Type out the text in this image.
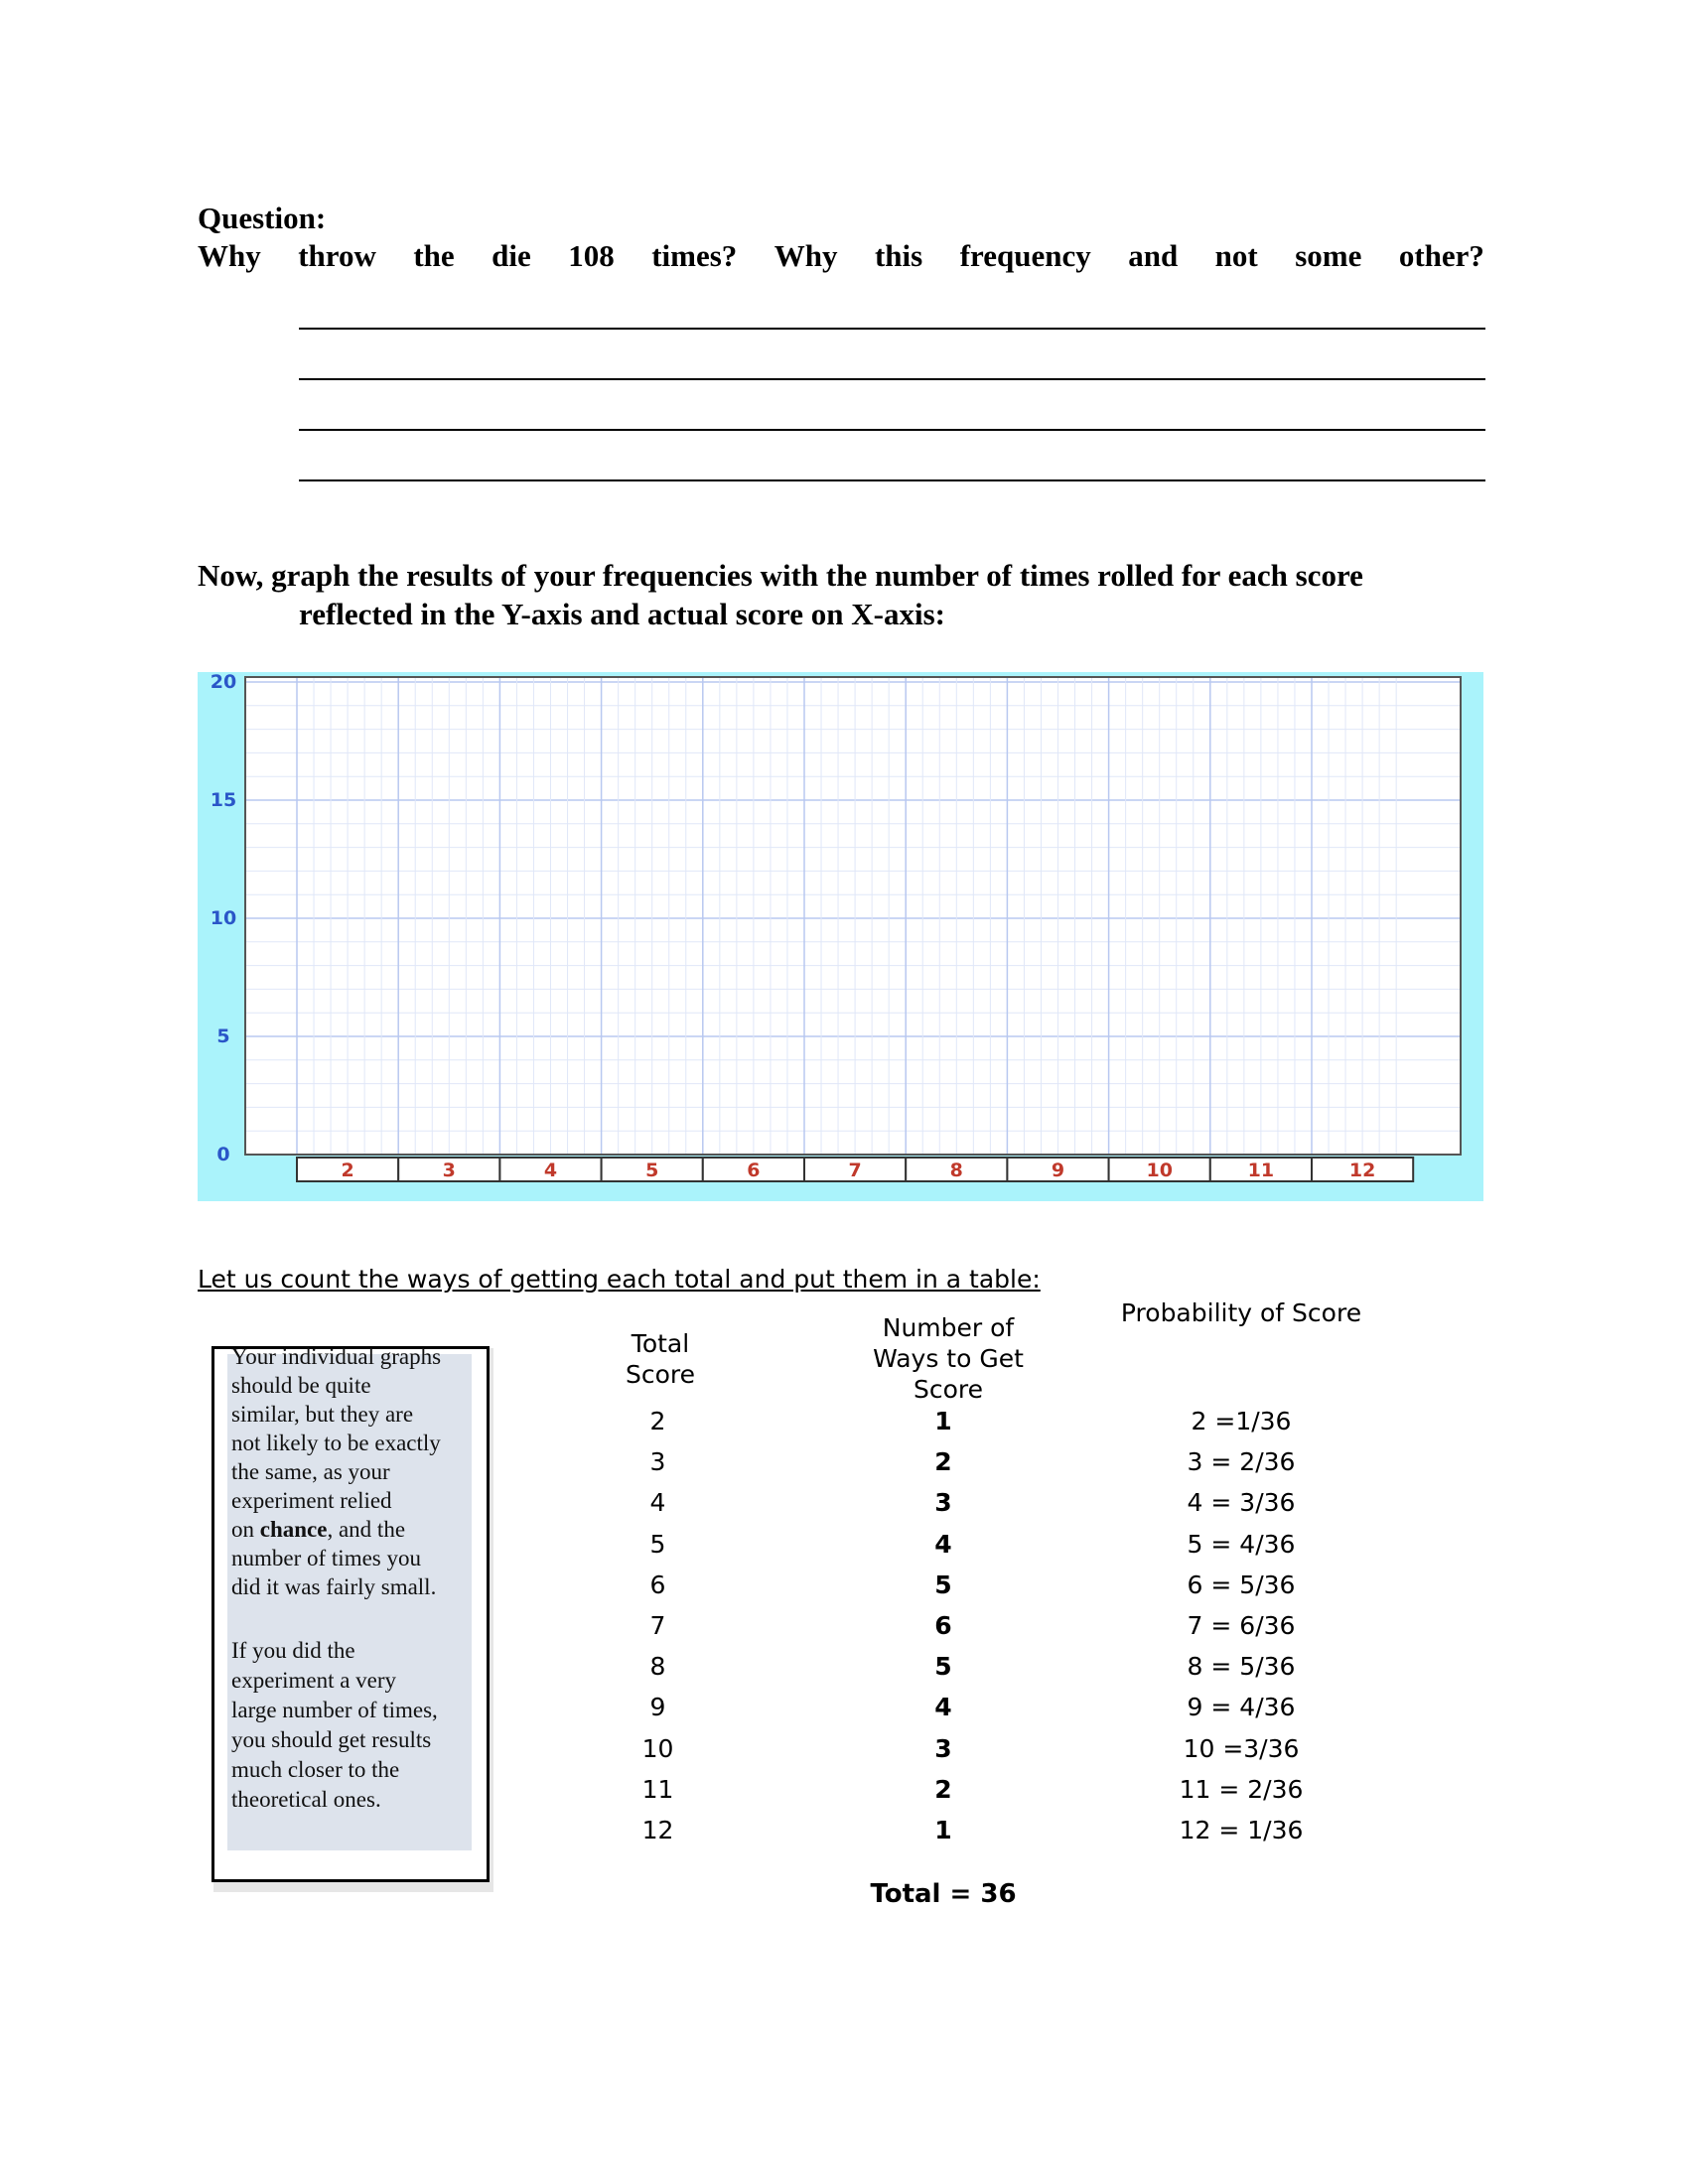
Question:
Why throw the die 108 times? Why this frequency and not some other?
Now, graph the results of your frequencies with the number of times rolled for each score
reflected in the Y-axis and actual score on X-axis:
0
5
10
15
20
2	3	4	5	6	7	8	9	10	11	12
Let us count the ways of getting each total and put them in a table:
Total
Score
Number of
Ways to Get
Score
Probability of Score
2	1	2 =1/36
3	2	3 = 2/36
4	3	4 = 3/36
5	4	5 = 4/36
6	5	6 = 5/36
7	6	7 = 6/36
8	5	8 = 5/36
9	4	9 = 4/36
10	3	10 =3/36
11	2	11 = 2/36
12	1	12 = 1/36
Total = 36
Your individual graphs
should be quite
similar, but they are
not likely to be exactly
the same, as your
experiment relied
on chance, and the
number of times you
did it was fairly small.
If you did the
experiment a very
large number of times,
you should get results
much closer to the
theoretical ones.
